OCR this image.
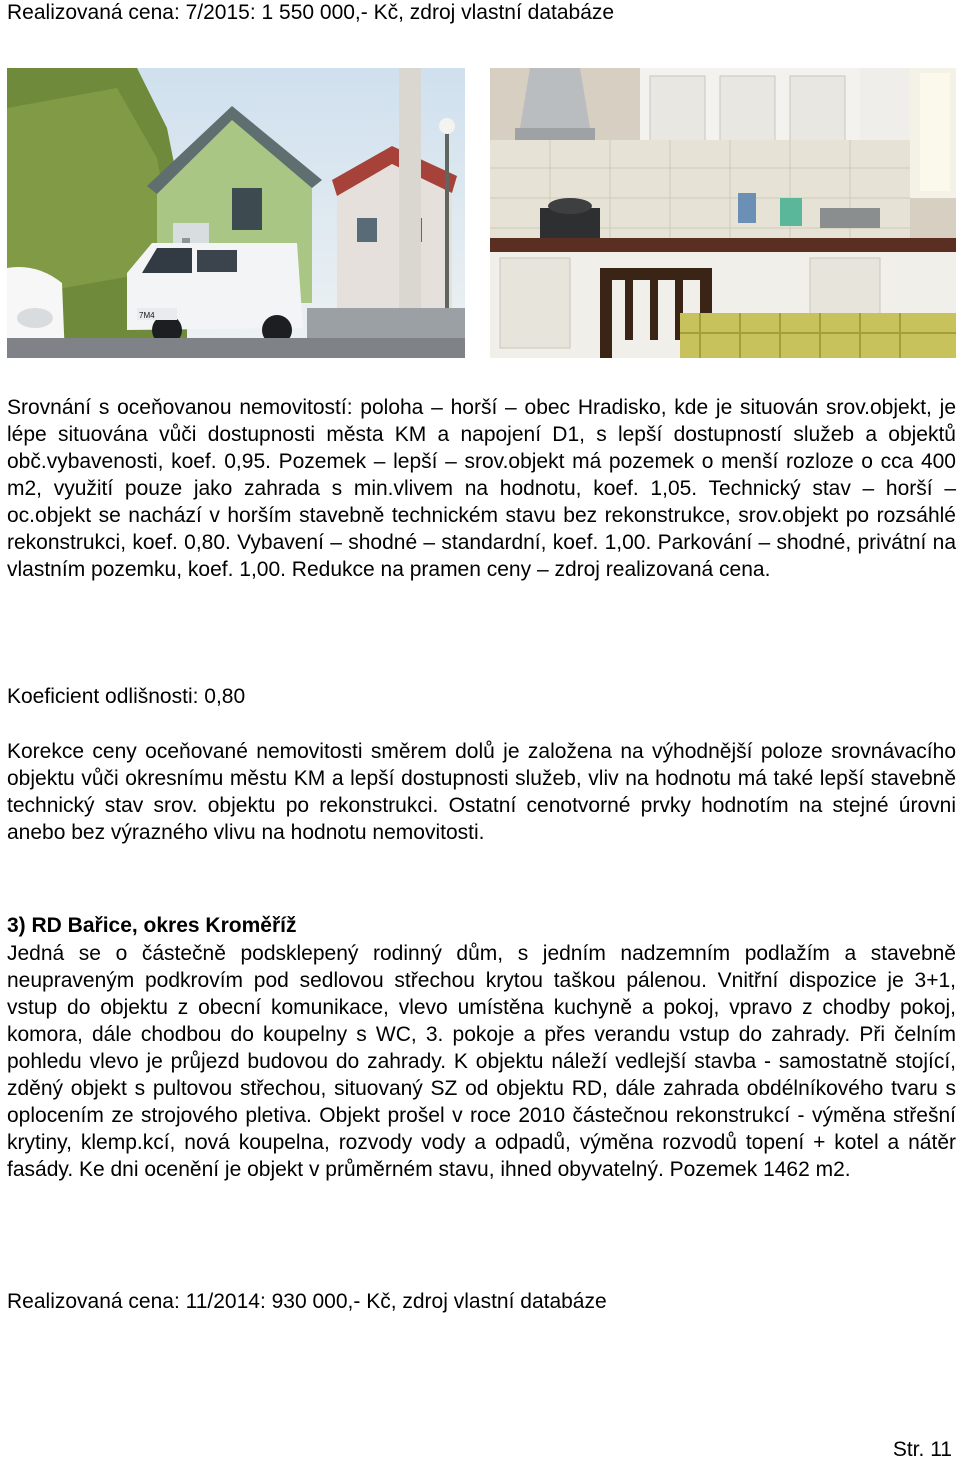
Realizovaná cena: 7/2015: 1 550 000,- Kč, zdroj vlastní databáze
7M4

Srovnání s oceňovanou nemovitostí: poloha – horší – obec Hradisko, kde je situován srov.objekt, je lépe situována vůči dostupnosti města KM a napojení D1, s lepší dostupností služeb a objektů obč.vybavenosti, koef. 0,95. Pozemek – lepší – srov.objekt má pozemek o menší rozloze o cca 400 m2, využití pouze jako zahrada s min.vlivem na hodnotu, koef. 1,05. Technický stav – horší – oc.objekt se nachází v horším stavebně technickém stavu bez rekonstrukce, srov.objekt po rozsáhlé rekonstrukci, koef. 0,80. Vybavení – shodné – standardní, koef. 1,00. Parkování – shodné, privátní na vlastním pozemku, koef. 1,00. Redukce na pramen ceny – zdroj realizovaná cena.

Koeficient odlišnosti: 0,80

Korekce ceny oceňované nemovitosti směrem dolů je založena na výhodnější poloze srovnávacího objektu vůči okresnímu městu KM a lepší dostupnosti služeb, vliv na hodnotu má také lepší stavebně technický stav srov. objektu po rekonstrukci. Ostatní cenotvorné prvky hodnotím na stejné úrovni anebo bez výrazného vlivu na hodnotu nemovitosti.

3) RD Bařice, okres Kroměříž

Jedná se o částečně podsklepený rodinný dům, s jedním nadzemním podlažím a stavebně neupraveným podkrovím pod sedlovou střechou krytou taškou pálenou. Vnitřní dispozice je 3+1, vstup do objektu z obecní komunikace, vlevo umístěna kuchyně a pokoj, vpravo z chodby pokoj, komora, dále chodbou do koupelny s WC, 3. pokoje a přes verandu vstup do zahrady. Při čelním pohledu vlevo je průjezd budovou do zahrady. K objektu náleží vedlejší stavba - samostatně stojící, zděný objekt s pultovou střechou, situovaný SZ od objektu RD, dále zahrada obdélníkového tvaru s oplocením ze strojového pletiva. Objekt prošel v roce 2010 částečnou rekonstrukcí - výměna střešní krytiny, klemp.kcí, nová koupelna, rozvody vody a odpadů, výměna rozvodů topení + kotel a nátěr fasády. Ke dni ocenění je objekt v průměrném stavu, ihned obyvatelný. Pozemek 1462 m2.

Realizovaná cena: 11/2014: 930 000,- Kč, zdroj vlastní databáze
Str. 11
